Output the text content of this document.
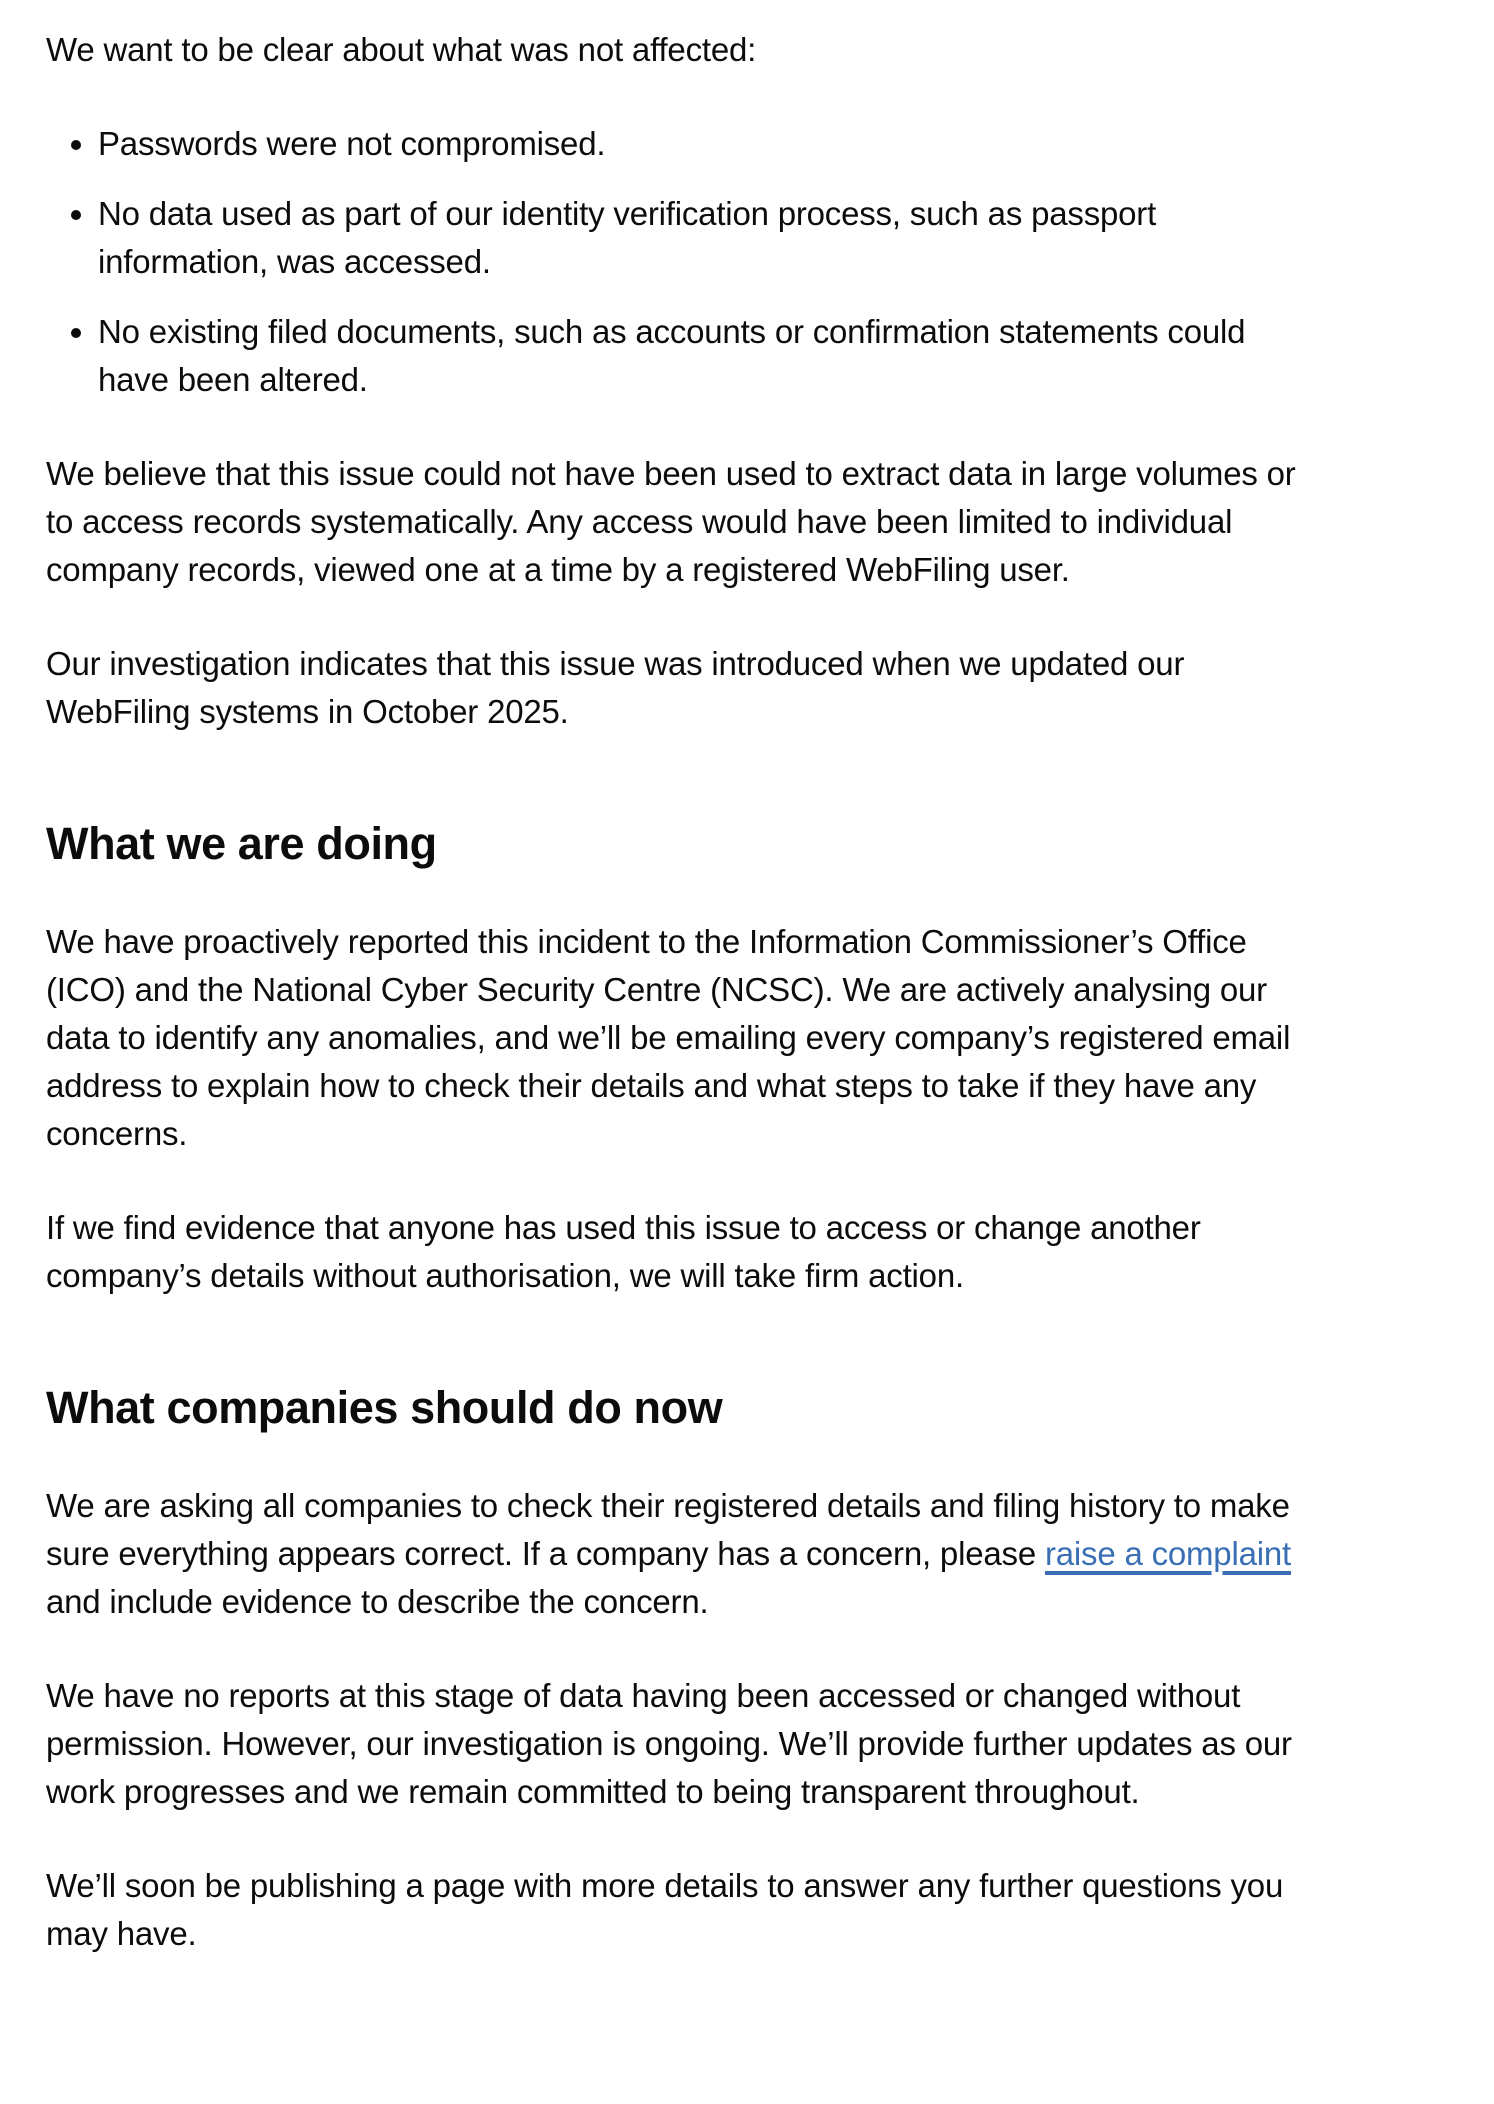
We want to be clear about what was not affected:

• Passwords were not compromised.
• No data used as part of our identity verification process, such as passport information, was accessed.
• No existing filed documents, such as accounts or confirmation statements could have been altered.

We believe that this issue could not have been used to extract data in large volumes or to access records systematically. Any access would have been limited to individual company records, viewed one at a time by a registered WebFiling user.

Our investigation indicates that this issue was introduced when we updated our WebFiling systems in October 2025.

What we are doing

We have proactively reported this incident to the Information Commissioner’s Office (ICO) and the National Cyber Security Centre (NCSC). We are actively analysing our data to identify any anomalies, and we’ll be emailing every company’s registered email address to explain how to check their details and what steps to take if they have any concerns.

If we find evidence that anyone has used this issue to access or change another company’s details without authorisation, we will take firm action.

What companies should do now

We are asking all companies to check their registered details and filing history to make sure everything appears correct. If a company has a concern, please raise a complaint and include evidence to describe the concern.

We have no reports at this stage of data having been accessed or changed without permission. However, our investigation is ongoing. We’ll provide further updates as our work progresses and we remain committed to being transparent throughout.

We’ll soon be publishing a page with more details to answer any further questions you may have.
